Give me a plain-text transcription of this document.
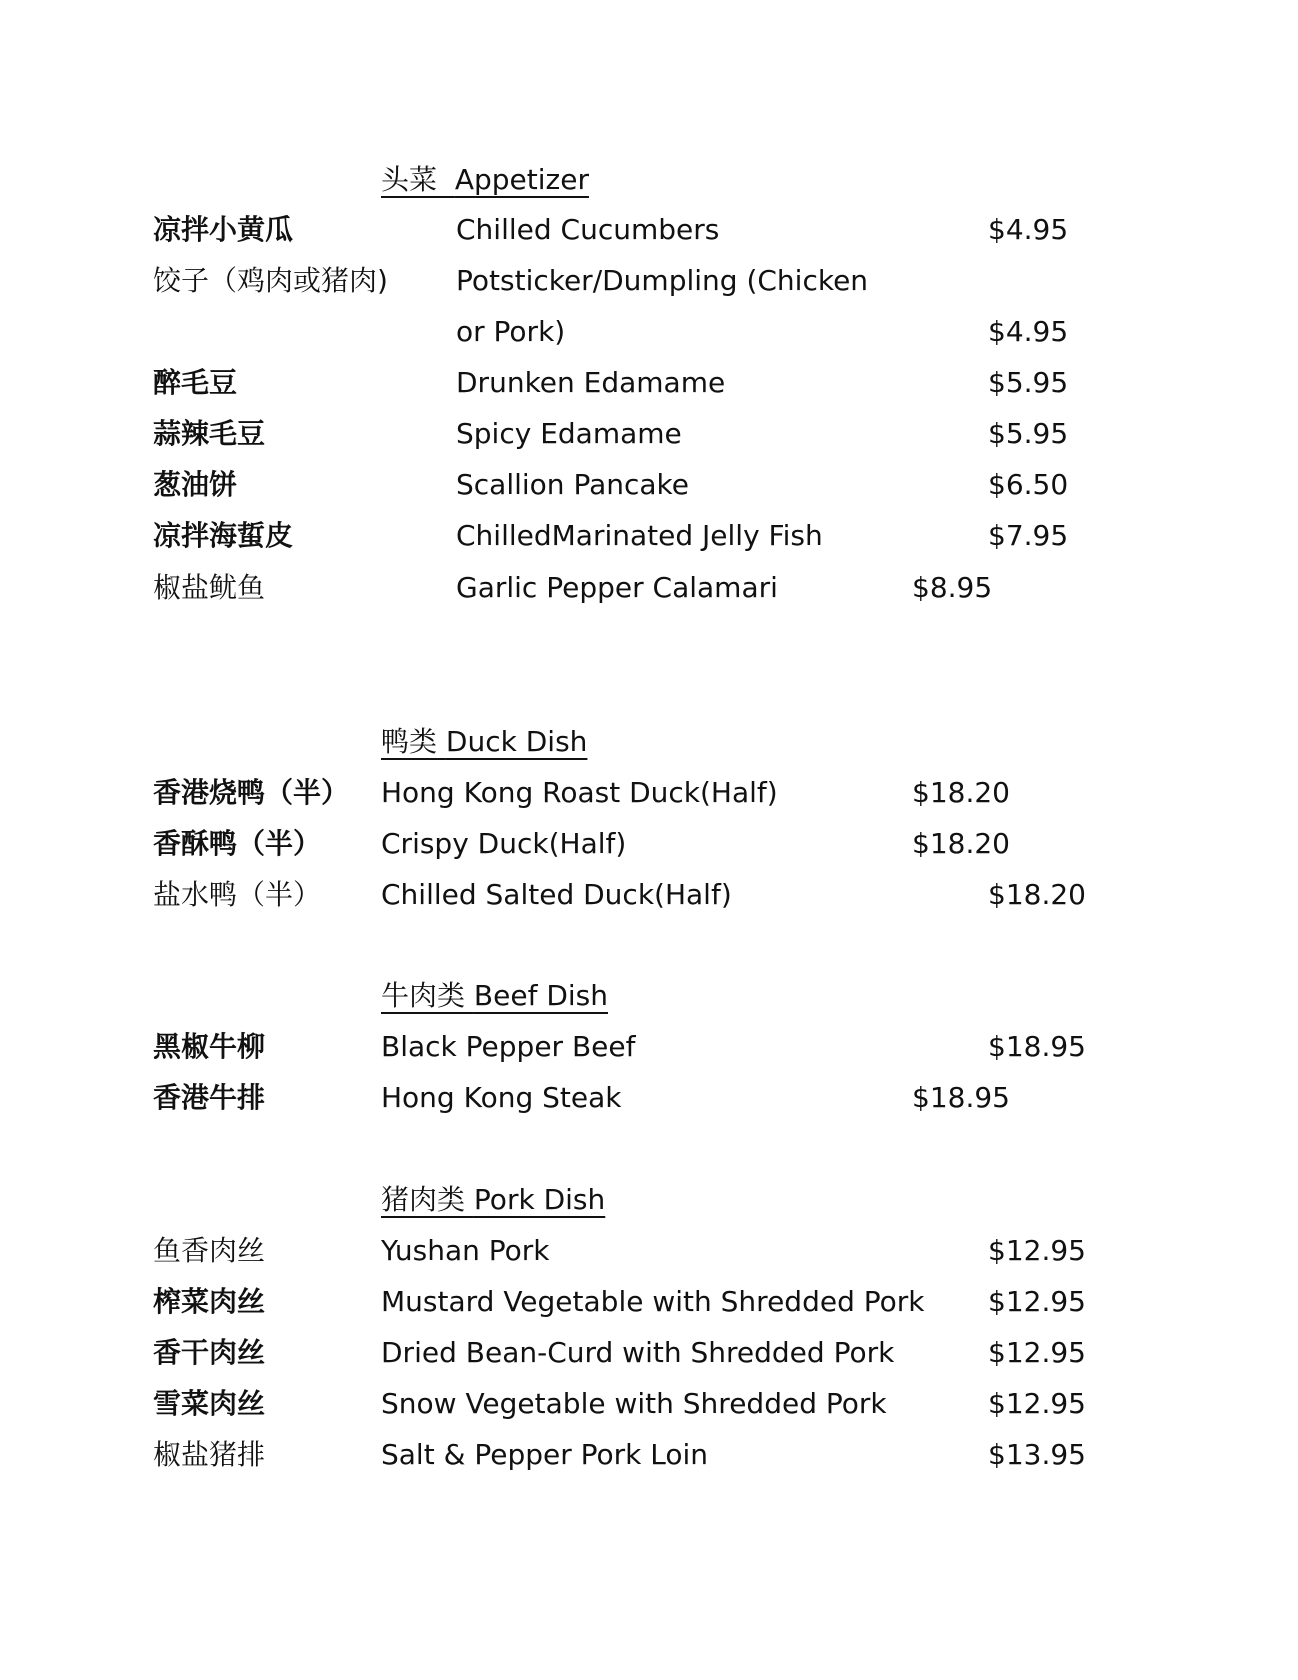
头菜 Appetizer
凉拌小黄瓜	Chilled Cucumbers	$4.95
饺子（鸡肉或猪肉) Potsticker/Dumpling (Chicken
or Pork)	$4.95
醉毛豆	Drunken Edamame	$5.95
蒜辣毛豆	Spicy Edamame	$5.95
葱油饼	Scallion Pancake	$6.50
凉拌海蜇皮	ChilledMarinated Jelly Fish	$7.95
椒盐鱿鱼	Garlic Pepper Calamari	$8.95
鸭类 Duck Dish
香港烧鸭（半） Hong Kong Roast Duck(Half)	$18.20
香酥鸭（半） Crispy Duck(Half)	$18.20
盐水鸭（半） Chilled Salted Duck(Half)	$18.20
牛肉类 Beef Dish
黑椒牛柳	Black Pepper Beef	$18.95
香港牛排	Hong Kong Steak	$18.95
猪肉类 Pork Dish
鱼香肉丝	Yushan Pork	$12.95
榨菜肉丝	Mustard Vegetable with Shredded Pork $12.95
香干肉丝	Dried Bean-Curd with Shredded Pork	$12.95
雪菜肉丝	Snow Vegetable with Shredded Pork	$12.95
椒盐猪排	Salt & Pepper Pork Loin	$13.95
